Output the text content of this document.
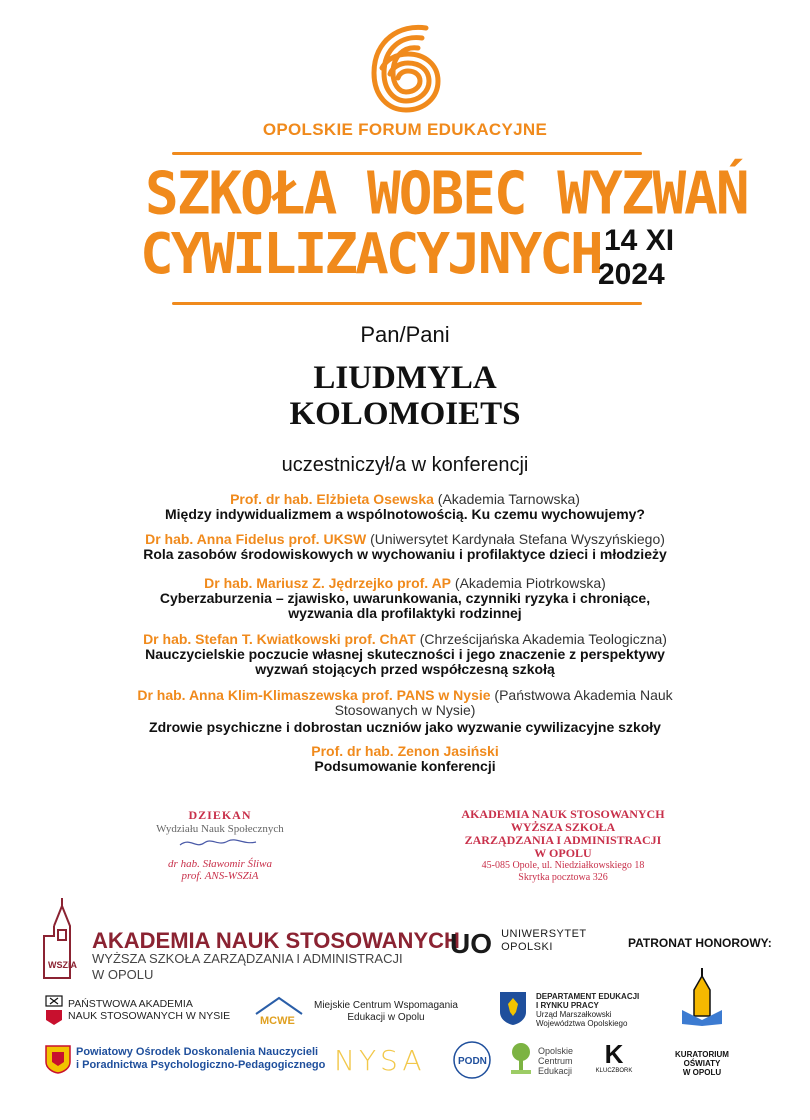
OPOLSKIE FORUM EDUKACYJNE
SZKOŁA WOBEC WYZWAŃ
CYWILIZACYJNYCH 14 XI
2024
Pan/Pani
LIUDMYLA
KOLOMOIETS
uczestniczył/a w konferencji
Prof. dr hab. Elżbieta Osewska (Akademia Tarnowska)
Między indywidualizmem a wspólnotowością. Ku czemu wychowujemy?
Dr hab. Anna Fidelus prof. UKSW (Uniwersytet Kardynała Stefana Wyszyńskiego)
Rola zasobów środowiskowych w wychowaniu i profilaktyce dzieci i młodzieży
Dr hab. Mariusz Z. Jędrzejko prof. AP (Akademia Piotrkowska)
Cyberzaburzenia – zjawisko, uwarunkowania, czynniki ryzyka i chroniące,
wyzwania dla profilaktyki rodzinnej
Dr hab. Stefan T. Kwiatkowski prof. ChAT (Chrześcijańska Akademia Teologiczna)
Nauczycielskie poczucie własnej skuteczności i jego znaczenie z perspektywy
wyzwań stojących przed współczesną szkołą
Dr hab. Anna Klim-Klimaszewska prof. PANS w Nysie (Państwowa Akademia Nauk
Stosowanych w Nysie)
Zdrowie psychiczne i dobrostan uczniów jako wyzwanie cywilizacyjne szkoły
Prof. dr hab. Zenon Jasiński
Podsumowanie konferencji
DZIEKAN
Wydziału Nauk Społecznych
dr hab. Sławomir Śliwa
prof. ANS-WSZiA
AKADEMIA NAUK STOSOWANYCH
WYŻSZA SZKOŁA
ZARZĄDZANIA I ADMINISTRACJI
W OPOLU
45-085 Opole, ul. Niedziałkowskiego 18
Skrytka pocztowa 326
WSZiA
AKADEMIA NAUK STOSOWANYCH
WYŻSZA SZKOŁA ZARZĄDZANIA I ADMINISTRACJI
W OPOLU
UO UNIWERSYTET
OPOLSKI	PATRONAT HONOROWY:
PAŃSTWOWA AKADEMIA
NAUK STOSOWANYCH W NYSIE	MCWE
Miejskie Centrum Wspomagania
Edukacji w Opolu
DEPARTAMENT EDUKACJI
I RYNKU PRACY
Urząd Marszałkowski
Województwa Opolskiego
KURATORIUM
OŚWIATY
W OPOLU
Powiatowy Ośrodek Doskonalenia Nauczycieli
i Poradnictwa Psychologiczno-Pedagogicznego NYSA	PODN
Opolskie
Centrum
Edukacji
K
KLUCZBORK
